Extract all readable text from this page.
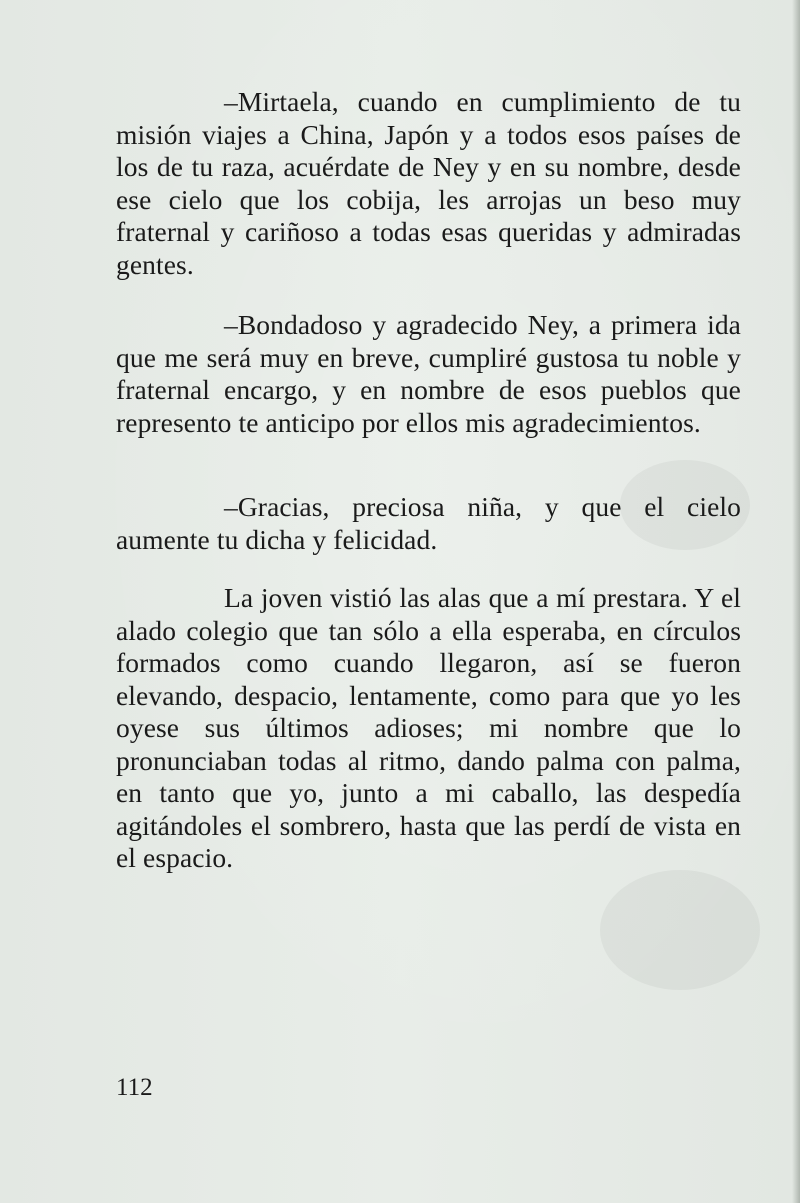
–Mirtaela, cuando en cumplimiento de tu misión viajes a China, Japón y a todos esos países de los de tu raza, acuérdate de Ney y en su nombre, desde ese cielo que los cobija, les arrojas un beso muy fraternal y cariñoso a todas esas queridas y admiradas gentes.

–Bondadoso y agradecido Ney, a primera ida que me será muy en breve, cumpliré gustosa tu noble y fraternal encargo, y en nombre de esos pueblos que represento te anticipo por ellos mis agradecimientos.

–Gracias, preciosa niña, y que el cielo aumente tu dicha y felicidad.

La joven vistió las alas que a mí prestara. Y el alado colegio que tan sólo a ella esperaba, en círculos formados como cuando llegaron, así se fueron elevando, despacio, lentamente, como para que yo les oyese sus últimos adioses; mi nombre que lo pronunciaban todas al ritmo, dando palma con palma, en tanto que yo, junto a mi caballo, las despedía agitándoles el sombrero, hasta que las perdí de vista en el espacio.

112
